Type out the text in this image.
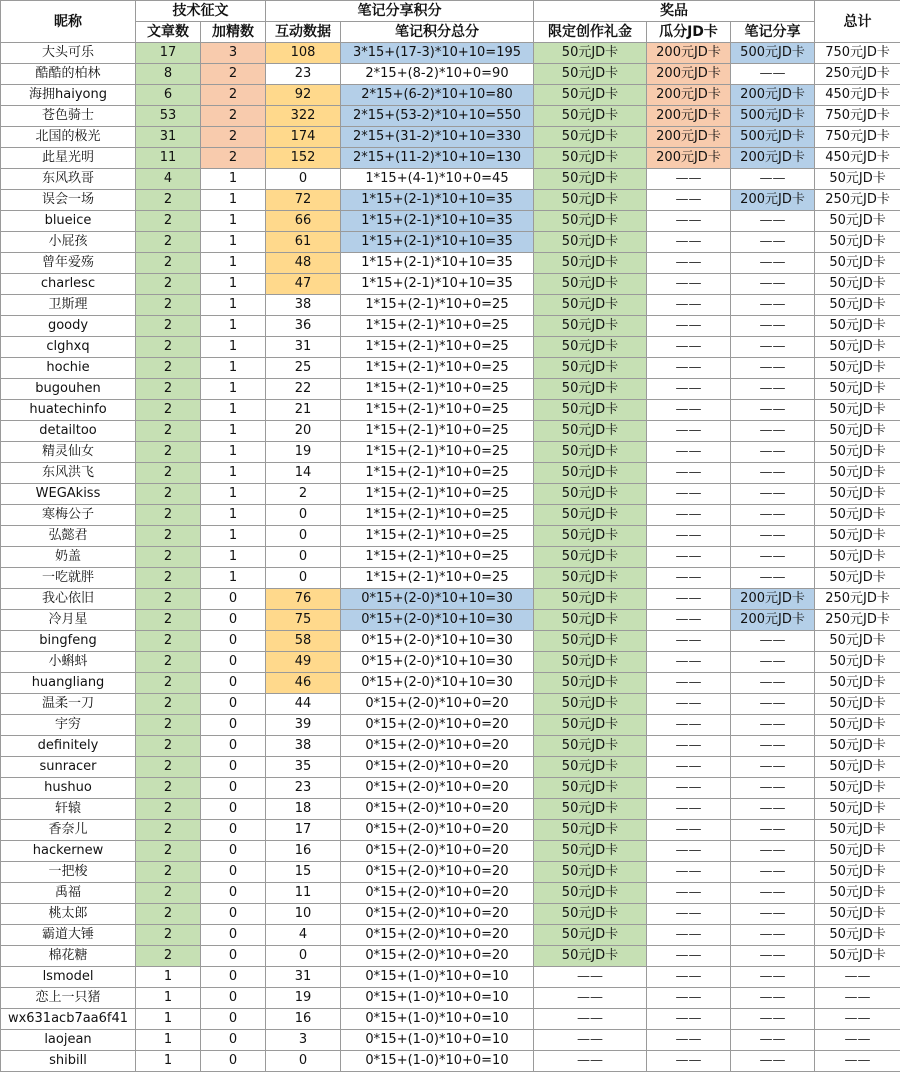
昵称	技术征文		笔记分享积分		奖品			总计
	文章数	加精数	互动数据	笔记积分总分	限定创作礼金	瓜分JD卡	笔记分享	
大头可乐	17	3	108	3*15+(17-3)*10+10=195	50元JD卡	200元JD卡	500元JD卡	750元JD卡
酷酷的柏林	8	2	23	2*15+(8-2)*10+0=90	50元JD卡	200元JD卡	——	250元JD卡
海拥haiyong	6	2	92	2*15+(6-2)*10+10=80	50元JD卡	200元JD卡	200元JD卡	450元JD卡
苍色骑士	53	2	322	2*15+(53-2)*10+10=550	50元JD卡	200元JD卡	500元JD卡	750元JD卡
北国的极光	31	2	174	2*15+(31-2)*10+10=330	50元JD卡	200元JD卡	500元JD卡	750元JD卡
此星光明	11	2	152	2*15+(11-2)*10+10=130	50元JD卡	200元JD卡	200元JD卡	450元JD卡
东风玖哥	4	1	0	1*15+(4-1)*10+0=45	50元JD卡	——	——	50元JD卡
误会一场	2	1	72	1*15+(2-1)*10+10=35	50元JD卡	——	200元JD卡	250元JD卡
blueice	2	1	66	1*15+(2-1)*10+10=35	50元JD卡	——	——	50元JD卡
小屁孩	2	1	61	1*15+(2-1)*10+10=35	50元JD卡	——	——	50元JD卡
曾年爱殇	2	1	48	1*15+(2-1)*10+10=35	50元JD卡	——	——	50元JD卡
charlesc	2	1	47	1*15+(2-1)*10+10=35	50元JD卡	——	——	50元JD卡
卫斯理	2	1	38	1*15+(2-1)*10+0=25	50元JD卡	——	——	50元JD卡
goody	2	1	36	1*15+(2-1)*10+0=25	50元JD卡	——	——	50元JD卡
clghxq	2	1	31	1*15+(2-1)*10+0=25	50元JD卡	——	——	50元JD卡
hochie	2	1	25	1*15+(2-1)*10+0=25	50元JD卡	——	——	50元JD卡
bugouhen	2	1	22	1*15+(2-1)*10+0=25	50元JD卡	——	——	50元JD卡
huatechinfo	2	1	21	1*15+(2-1)*10+0=25	50元JD卡	——	——	50元JD卡
detailtoo	2	1	20	1*15+(2-1)*10+0=25	50元JD卡	——	——	50元JD卡
精灵仙女	2	1	19	1*15+(2-1)*10+0=25	50元JD卡	——	——	50元JD卡
东风洪飞	2	1	14	1*15+(2-1)*10+0=25	50元JD卡	——	——	50元JD卡
WEGAkiss	2	1	2	1*15+(2-1)*10+0=25	50元JD卡	——	——	50元JD卡
寒梅公子	2	1	0	1*15+(2-1)*10+0=25	50元JD卡	——	——	50元JD卡
弘懿君	2	1	0	1*15+(2-1)*10+0=25	50元JD卡	——	——	50元JD卡
奶盖	2	1	0	1*15+(2-1)*10+0=25	50元JD卡	——	——	50元JD卡
一吃就胖	2	1	0	1*15+(2-1)*10+0=25	50元JD卡	——	——	50元JD卡
我心依旧	2	0	76	0*15+(2-0)*10+10=30	50元JD卡	——	200元JD卡	250元JD卡
冷月星	2	0	75	0*15+(2-0)*10+10=30	50元JD卡	——	200元JD卡	250元JD卡
bingfeng	2	0	58	0*15+(2-0)*10+10=30	50元JD卡	——	——	50元JD卡
小蝌蚪	2	0	49	0*15+(2-0)*10+10=30	50元JD卡	——	——	50元JD卡
huangliang	2	0	46	0*15+(2-0)*10+10=30	50元JD卡	——	——	50元JD卡
温柔一刀	2	0	44	0*15+(2-0)*10+0=20	50元JD卡	——	——	50元JD卡
宇穷	2	0	39	0*15+(2-0)*10+0=20	50元JD卡	——	——	50元JD卡
definitely	2	0	38	0*15+(2-0)*10+0=20	50元JD卡	——	——	50元JD卡
sunracer	2	0	35	0*15+(2-0)*10+0=20	50元JD卡	——	——	50元JD卡
hushuo	2	0	23	0*15+(2-0)*10+0=20	50元JD卡	——	——	50元JD卡
轩辕	2	0	18	0*15+(2-0)*10+0=20	50元JD卡	——	——	50元JD卡
香奈儿	2	0	17	0*15+(2-0)*10+0=20	50元JD卡	——	——	50元JD卡
hackernew	2	0	16	0*15+(2-0)*10+0=20	50元JD卡	——	——	50元JD卡
一把梭	2	0	15	0*15+(2-0)*10+0=20	50元JD卡	——	——	50元JD卡
禹福	2	0	11	0*15+(2-0)*10+0=20	50元JD卡	——	——	50元JD卡
桃太郎	2	0	10	0*15+(2-0)*10+0=20	50元JD卡	——	——	50元JD卡
霸道大锤	2	0	4	0*15+(2-0)*10+0=20	50元JD卡	——	——	50元JD卡
棉花糖	2	0	0	0*15+(2-0)*10+0=20	50元JD卡	——	——	50元JD卡
lsmodel	1	0	31	0*15+(1-0)*10+0=10	——	——	——	——
恋上一只猪	1	0	19	0*15+(1-0)*10+0=10	——	——	——	——
wx631acb7aa6f41	1	0	16	0*15+(1-0)*10+0=10	——	——	——	——
laojean	1	0	3	0*15+(1-0)*10+0=10	——	——	——	——
shibill	1	0	0	0*15+(1-0)*10+0=10	——	——	——	——
